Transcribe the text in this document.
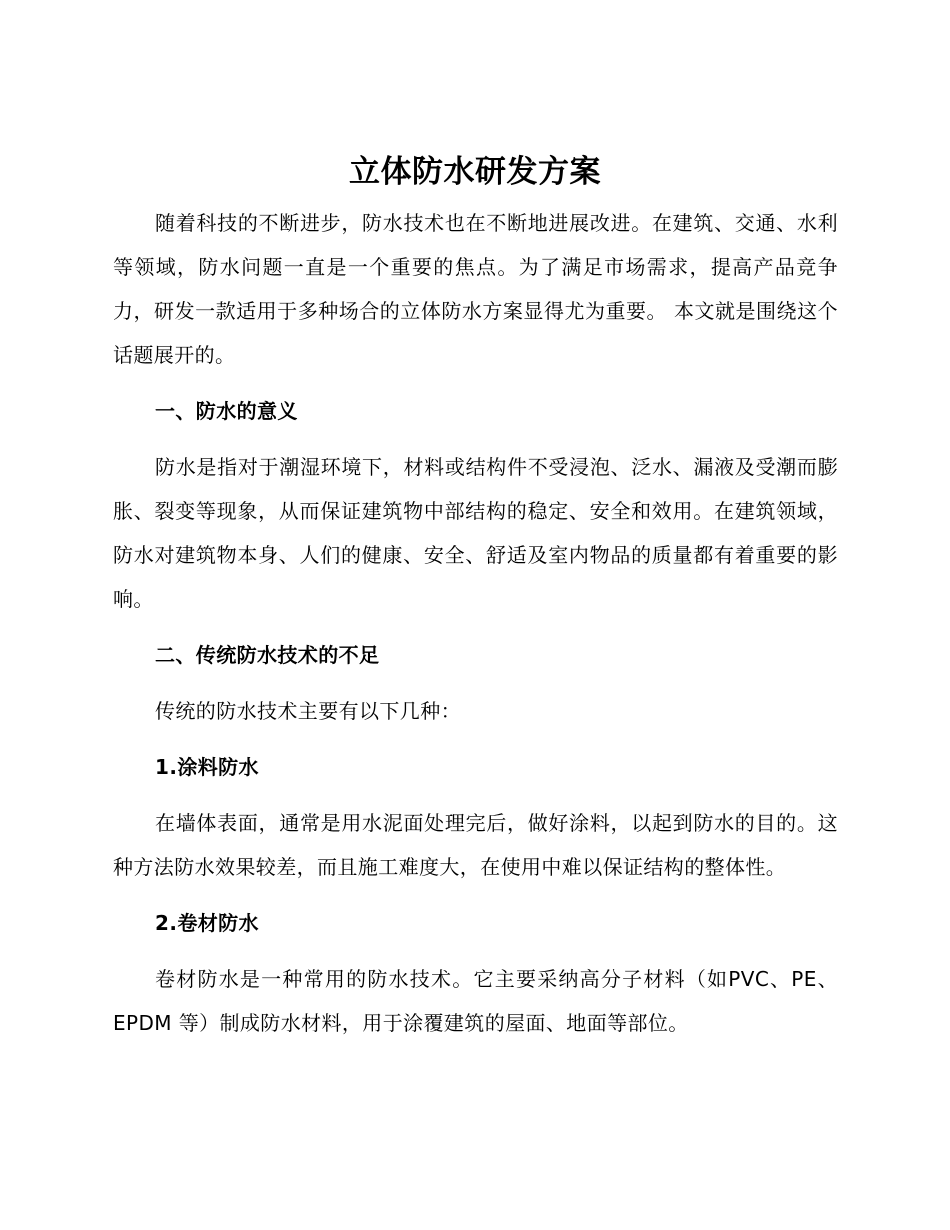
立体防水研发方案

随着科技的不断进步，防水技术也在不断地进展改进。在建筑、交通、水利等领域，防水问题一直是一个重要的焦点。为了满足市场需求，提高产品竞争力，研发一款适用于多种场合的立体防水方案显得尤为重要。 本文就是围绕这个话题展开的。

一、防水的意义

防水是指对于潮湿环境下，材料或结构件不受浸泡、泛水、漏液及受潮而膨胀、裂变等现象，从而保证建筑物中部结构的稳定、安全和效用。在建筑领域，防水对建筑物本身、人们的健康、安全、舒适及室内物品的质量都有着重要的影响。

二、传统防水技术的不足

传统的防水技术主要有以下几种：

1.涂料防水

在墙体表面，通常是用水泥面处理完后，做好涂料，以起到防水的目的。这种方法防水效果较差，而且施工难度大，在使用中难以保证结构的整体性。

2.卷材防水

卷材防水是一种常用的防水技术。它主要采纳高分子材料（如PVC、PE、EPDM 等）制成防水材料，用于涂覆建筑的屋面、地面等部位。
